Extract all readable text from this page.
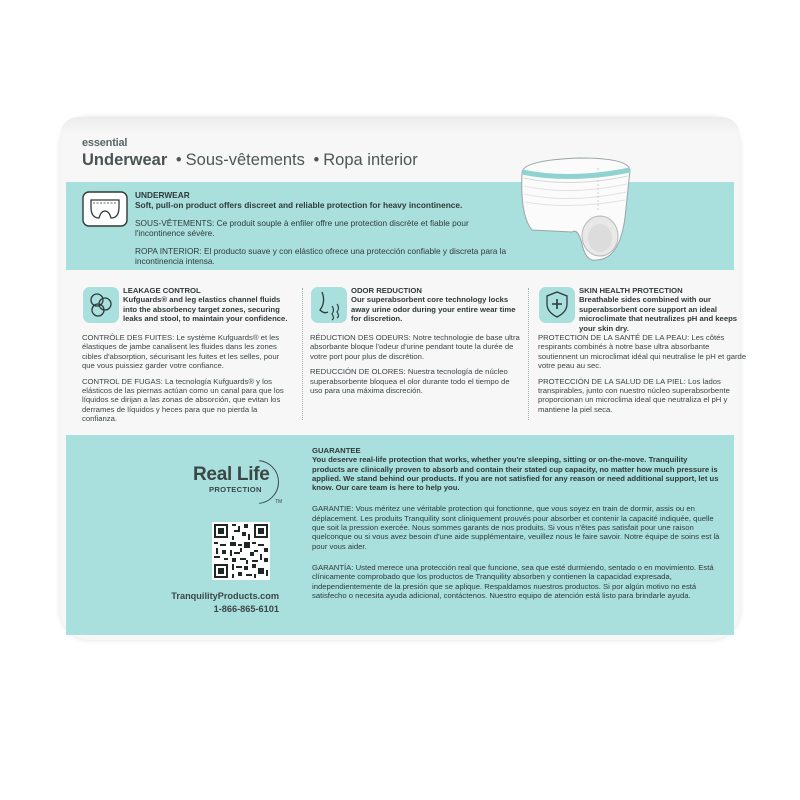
essential
Underwear • Sous-vêtements • Ropa interior

UNDERWEAR
Soft, pull-on product offers discreet and reliable protection for heavy incontinence.

SOUS-VÊTEMENTS: Ce produit souple à enfiler offre une protection discrète et fiable pour l'incontinence sévère.

ROPA INTERIOR: El producto suave y con elástico ofrece una protección confiable y discreta para la incontinencia intensa.

LEAKAGE CONTROL
Kufguards® and leg elastics channel fluids into the absorbency target zones, securing leaks and stool, to maintain your confidence.

CONTRÔLE DES FUITES: Le système Kufguards® et les élastiques de jambe canalisent les fluides dans les zones cibles d'absorption, sécurisant les fuites et les selles, pour que vous puissiez garder votre confiance.

CONTROL DE FUGAS: La tecnología Kufguards® y los elásticos de las piernas actúan como un canal para que los líquidos se dirijan a las zonas de absorción, que evitan los derrames de líquidos y heces para que no pierda la confianza.

ODOR REDUCTION
Our superabsorbent core technology locks away urine odor during your entire wear time for discretion.

RÉDUCTION DES ODEURS: Notre technologie de base ultra absorbante bloque l'odeur d'urine pendant toute la durée de votre port pour plus de discrétion.

REDUCCIÓN DE OLORES: Nuestra tecnología de núcleo superabsorbente bloquea el olor durante todo el tiempo de uso para una máxima discreción.

SKIN HEALTH PROTECTION
Breathable sides combined with our superabsorbent core support an ideal microclimate that neutralizes pH and keeps your skin dry.

PROTECTION DE LA SANTÉ DE LA PEAU: Les côtés respirants combinés à notre base ultra absorbante soutiennent un microclimat idéal qui neutralise le pH et garde votre peau au sec.

PROTECCIÓN DE LA SALUD DE LA PIEL: Los lados transpirables, junto con nuestro núcleo superabsorbente proporcionan un microclima ideal que neutraliza el pH y mantiene la piel seca.

Real Life
PROTECTION
TM
TranquilityProducts.com
1-866-865-6101

GUARANTEE

You deserve real-life protection that works, whether you're sleeping, sitting or on-the-move. Tranquility products are clinically proven to absorb and contain their stated cup capacity, no matter how much pressure is applied. We stand behind our products. If you are not satisfied for any reason or need additional support, let us know. Our care team is here to help you.

GARANTIE: Vous méritez une véritable protection qui fonctionne, que vous soyez en train de dormir, assis ou en déplacement. Les produits Tranquility sont cliniquement prouvés pour absorber et contenir la capacité indiquée, quelle que soit la pression exercée. Nous sommes garants de nos produits. Si vous n'êtes pas satisfait pour une raison quelconque ou si vous avez besoin d'une aide supplémentaire, veuillez nous le faire savoir. Notre équipe de soins est là pour vous aider.

GARANTÍA: Usted merece una protección real que funcione, sea que esté durmiendo, sentado o en movimiento. Está clínicamente comprobado que los productos de Tranquility absorben y contienen la capacidad expresada, independientemente de la presión que se aplique. Respaldamos nuestros productos. Si por algún motivo no está satisfecho o necesita ayuda adicional, contáctenos. Nuestro equipo de atención está listo para brindarle ayuda.
